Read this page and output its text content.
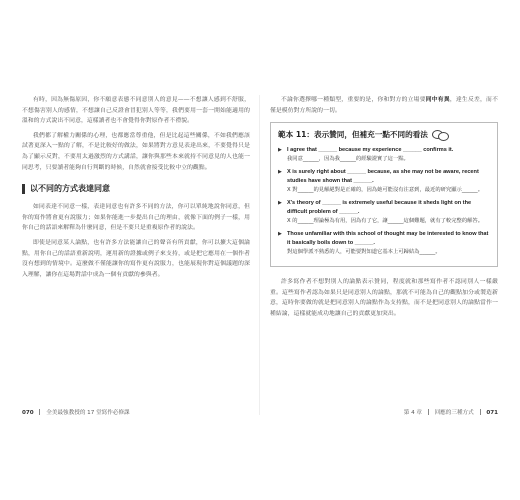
有時，因為無傷原因，你不願意表態不同意別人的意見——不想讓人感到不舒服，不想傷害別人的感情，不想讓自己反證會冒犯別人等等，我們要用一套一開始能適用的溫和的方式說出不同意，這樣讀者也不會覺得你對原作者不禮貌。

我們都了解權力關係的心理，也都應當尊重他，但是比起這些關係，不如我們應該試著更深入一點的了解，不是比較好的做法，如果將對方意見表達出來，不要覺得只是為了顯示反對，不要用太過激烈的方式講話，讓你與那些本來就持不同意見的人也能一同思考，只要讀者能夠自行判斷的時候，自然就會接受比較中立的觀點。

以不同的方式表達同意

如同表達不同意一樣，表達同意也有許多不同的方法，你可以單純地說你同意，但你的寫作將會更有說服力；如果你能進一步提出自己的理由，就像下面的例子一樣，用你自己的話語來解釋為什麼同意，但是不要只是重複原作者的說法。

即使是同意某人論點，也有許多方法能讓自己的聲音有所貢獻，你可以擴大這個論點，用你自己的話語重新說明，運用新的證據或例子來支持，或是把它應用在一個作者沒有想到的情境中。這麼做不僅能讓你的寫作更有說服力，也能展現你對這個議題的深入理解，讓你在這場對話中成為一個有貢獻的參與者。

不論你選擇哪一種類型，重要的是，你和對方的立場要同中有異，達生反差，而不僅是模仿對方所說的一切。

範本 11：表示贊同，但補充一點不同的看法
▶ I agree that ______ because my experience ______ confirms it.
我同意______，因為我______的經驗證實了這一點。
▶ X is surely right about ______ because, as she may not be aware, recent studies have shown that ______.
X 對______的見解絕對是正確的，因為她可能沒有注意到，最近的研究顯示______。
▶ X's theory of ______ is extremely useful because it sheds light on the difficult problem of ______.
X 的______理論極為有用，因為有了它，讓______這個難題，就有了較完整的解答。
▶ Those unfamiliar with this school of thought may be interested to know that it basically boils down to ______.
對這個學派不熟悉的人，可能要對知道它基本上可歸結為______。

許多寫作者不想對別人的論點表示贊同，程度就和那些寫作者不認同別人一樣嚴重。這些寫作者認為如果只是同意別人的論點，那就不可能為自己的觀點加分或製造新意，這時你要做的就是把同意別人的論點作為支持點，而不是把同意別人的論點當作一種結論，這樣就能成功地讓自己的貢獻更加突出。

070 全美最強教授的 17 堂寫作必修課	第 4 章 回應的三種方式 071
